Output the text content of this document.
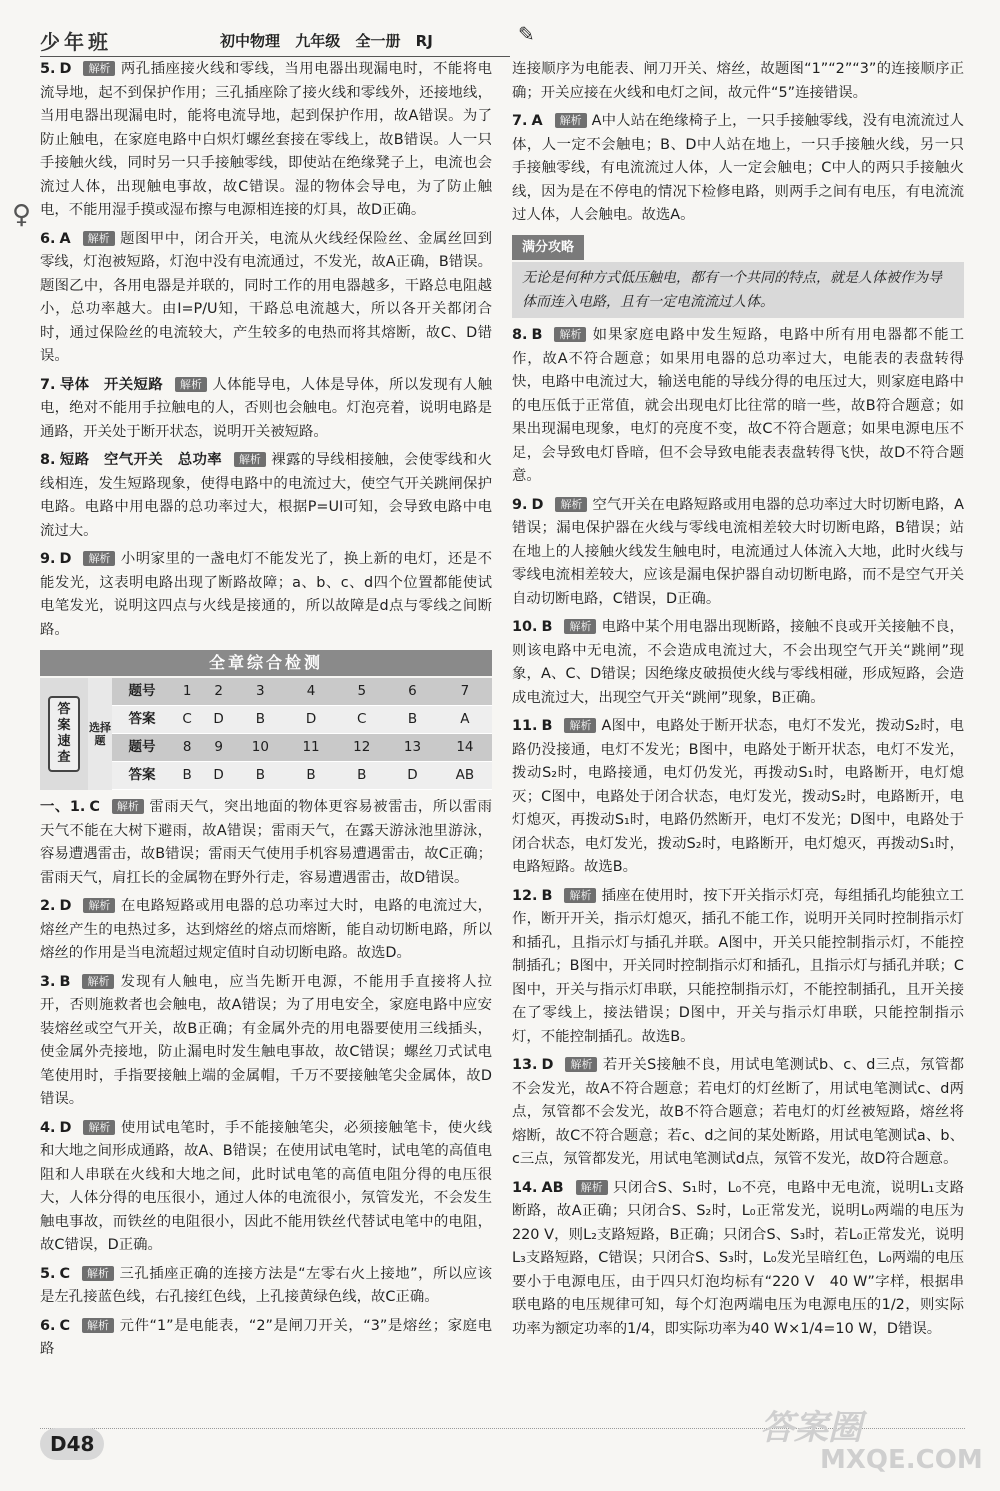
少年班	初中物理 九年级 全一册 RJ	✎
♀
5. D 解析 两孔插座接火线和零线，当用电器出现漏电时，不能将电流导地，起不到保护作用；三孔插座除了接火线和零线外，还接地线，当用电器出现漏电时，能将电流导地，起到保护作用，故A错误。为了防止触电，在家庭电路中白炽灯螺丝套接在零线上，故B错误。人一只手接触火线，同时另一只手接触零线，即使站在绝缘凳子上，电流也会流过人体，出现触电事故，故C错误。湿的物体会导电，为了防止触电，不能用湿手摸或湿布擦与电源相连接的灯具，故D正确。
6. A 解析 题图甲中，闭合开关，电流从火线经保险丝、金属丝回到零线，灯泡被短路，灯泡中没有电流通过，不发光，故A正确，B错误。题图乙中，各用电器是并联的，同时工作的用电器越多，干路总电阻越小，总功率越大。由I=P/U知，干路总电流越大，所以各开关都闭合时，通过保险丝的电流较大，产生较多的电热而将其熔断，故C、D错误。
7. 导体　开关短路 解析 人体能导电，人体是导体，所以发现有人触电，绝对不能用手拉触电的人，否则也会触电。灯泡亮着，说明电路是通路，开关处于断开状态，说明开关被短路。
8. 短路　空气开关　总功率 解析 裸露的导线相接触，会使零线和火线相连，发生短路现象，使得电路中的电流过大，使空气开关跳闸保护电路。电路中用电器的总功率过大，根据P=UI可知，会导致电路中电流过大。
9. D 解析 小明家里的一盏电灯不能发光了，换上新的电灯，还是不能发光，这表明电路出现了断路故障；a、b、c、d四个位置都能使试电笔发光，说明这四点与火线是接通的，所以故障是d点与零线之间断路。
全章综合检测
答案速查
选择题
题号	1	2	3	4	5	6	7
答案	C	D	B	D	C	B	A
题号	8	9	10	11	12	13	14
答案	B	D	B	B	B	D	AB
一、1. C 解析 雷雨天气，突出地面的物体更容易被雷击，所以雷雨天气不能在大树下避雨，故A错误；雷雨天气，在露天游泳池里游泳，容易遭遇雷击，故B错误；雷雨天气使用手机容易遭遇雷击，故C正确；雷雨天气，肩扛长的金属物在野外行走，容易遭遇雷击，故D错误。
2. D 解析 在电路短路或用电器的总功率过大时，电路的电流过大，熔丝产生的电热过多，达到熔丝的熔点而熔断，能自动切断电路，所以熔丝的作用是当电流超过规定值时自动切断电路。故选D。
3. B 解析 发现有人触电，应当先断开电源，不能用手直接将人拉开，否则施救者也会触电，故A错误；为了用电安全，家庭电路中应安装熔丝或空气开关，故B正确；有金属外壳的用电器要使用三线插头，使金属外壳接地，防止漏电时发生触电事故，故C错误；螺丝刀式试电笔使用时，手指要接触上端的金属帽，千万不要接触笔尖金属体，故D错误。
4. D 解析 使用试电笔时，手不能接触笔尖，必须接触笔卡，使火线和大地之间形成通路，故A、B错误；在使用试电笔时，试电笔的高值电阻和人串联在火线和大地之间，此时试电笔的高值电阻分得的电压很大，人体分得的电压很小，通过人体的电流很小，氖管发光，不会发生触电事故，而铁丝的电阻很小，因此不能用铁丝代替试电笔中的电阻，故C错误，D正确。
5. C 解析 三孔插座正确的连接方法是“左零右火上接地”，所以应该是左孔接蓝色线，右孔接红色线，上孔接黄绿色线，故C正确。
6. C 解析 元件“1”是电能表，“2”是闸刀开关，“3”是熔丝；家庭电路
连接顺序为电能表、闸刀开关、熔丝，故题图“1”“2”“3”的连接顺序正确；开关应接在火线和电灯之间，故元件“5”连接错误。
7. A 解析 A中人站在绝缘椅子上，一只手接触零线，没有电流流过人体，人一定不会触电；B、D中人站在地上，一只手接触火线，另一只手接触零线，有电流流过人体，人一定会触电；C中人的两只手接触火线，因为是在不停电的情况下检修电路，则两手之间有电压，有电流流过人体，人会触电。故选A。
满分攻略
无论是何种方式低压触电，都有一个共同的特点，就是人体被作为导体而连入电路，且有一定电流流过人体。
8. B 解析 如果家庭电路中发生短路，电路中所有用电器都不能工作，故A不符合题意；如果用电器的总功率过大，电能表的表盘转得快，电路中电流过大，输送电能的导线分得的电压过大，则家庭电路中的电压低于正常值，就会出现电灯比往常的暗一些，故B符合题意；如果出现漏电现象，电灯的亮度不变，故C不符合题意；如果电源电压不足，会导致电灯昏暗，但不会导致电能表表盘转得飞快，故D不符合题意。
9. D 解析 空气开关在电路短路或用电器的总功率过大时切断电路，A错误；漏电保护器在火线与零线电流相差较大时切断电路，B错误；站在地上的人接触火线发生触电时，电流通过人体流入大地，此时火线与零线电流相差较大，应该是漏电保护器自动切断电路，而不是空气开关自动切断电路，C错误，D正确。
10. B 解析 电路中某个用电器出现断路，接触不良或开关接触不良，则该电路中无电流，不会造成电流过大，不会出现空气开关“跳闸”现象，A、C、D错误；因绝缘皮破损使火线与零线相碰，形成短路，会造成电流过大，出现空气开关“跳闸”现象，B正确。
11. B 解析 A图中，电路处于断开状态，电灯不发光，拨动S₂时，电路仍没接通，电灯不发光；B图中，电路处于断开状态，电灯不发光，拨动S₂时，电路接通，电灯仍发光，再拨动S₁时，电路断开，电灯熄灭；C图中，电路处于闭合状态，电灯发光，拨动S₂时，电路断开，电灯熄灭，再拨动S₁时，电路仍然断开，电灯不发光；D图中，电路处于闭合状态，电灯发光，拨动S₂时，电路断开，电灯熄灭，再拨动S₁时，电路短路。故选B。
12. B 解析 插座在使用时，按下开关指示灯亮，每组插孔均能独立工作，断开开关，指示灯熄灭，插孔不能工作，说明开关同时控制指示灯和插孔，且指示灯与插孔并联。A图中，开关只能控制指示灯，不能控制插孔；B图中，开关同时控制指示灯和插孔，且指示灯与插孔并联；C图中，开关与指示灯串联，只能控制指示灯，不能控制插孔，且开关接在了零线上，接法错误；D图中，开关与指示灯串联，只能控制指示灯，不能控制插孔。故选B。
13. D 解析 若开关S接触不良，用试电笔测试b、c、d三点，氖管都不会发光，故A不符合题意；若电灯的灯丝断了，用试电笔测试c、d两点，氖管都不会发光，故B不符合题意；若电灯的灯丝被短路，熔丝将熔断，故C不符合题意；若c、d之间的某处断路，用试电笔测试a、b、c三点，氖管都发光，用试电笔测试d点，氖管不发光，故D符合题意。
14. AB 解析 只闭合S、S₁时，L₀不亮，电路中无电流，说明L₁支路断路，故A正确；只闭合S、S₂时，L₀正常发光，说明L₀两端的电压为220 V，则L₂支路短路，B正确；只闭合S、S₃时，若L₀正常发光，说明L₃支路短路，C错误；只闭合S、S₃时，L₀发光呈暗红色，L₀两端的电压要小于电源电压，由于四只灯泡均标有“220 V　40 W”字样，根据串联电路的电压规律可知，每个灯泡两端电压为电源电压的1/2，则实际功率为额定功率的1/4，即实际功率为40 W×1/4=10 W，D错误。
D48	答案圈
MXQE.COM
